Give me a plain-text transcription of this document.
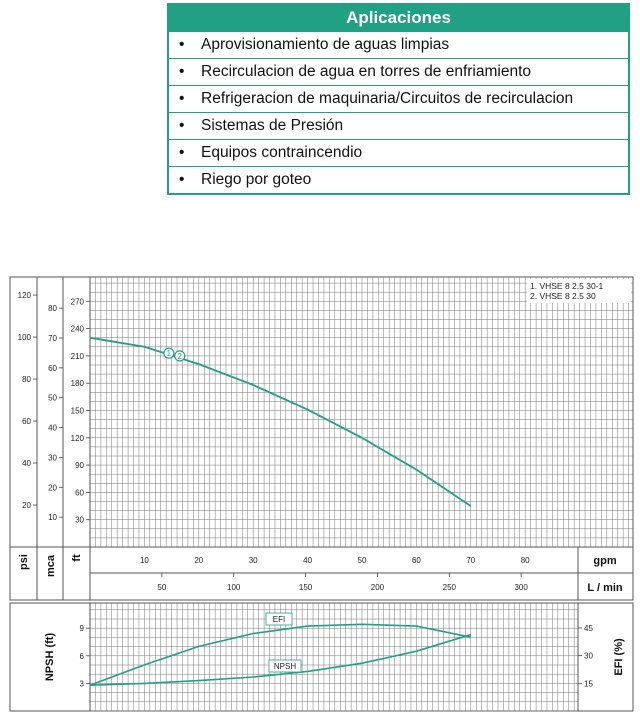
Aplicaciones
• Aprovisionamiento de aguas limpias
• Recirculacion de agua en torres de enfriamiento
• Refrigeracion de maquinaria/Circuitos de recirculacion
• Sistemas de Presión
• Equipos contraincendio
• Riego por goteo
20
40
60
80
100
120
10
20
30
40
50
60
70
80
30
60
90
120
150
180
210
240
270
psi mca ft	10	20	30	40	50	60	70	80	gpm
50	100	150	200	250	300	L / min
1. VHSE 8 2.5 30-1
2. VHSE 8 2.5 30
1 2
3
6
9
15
30
45
NPSH (ft)	EFI (%)
EFI
NPSH
